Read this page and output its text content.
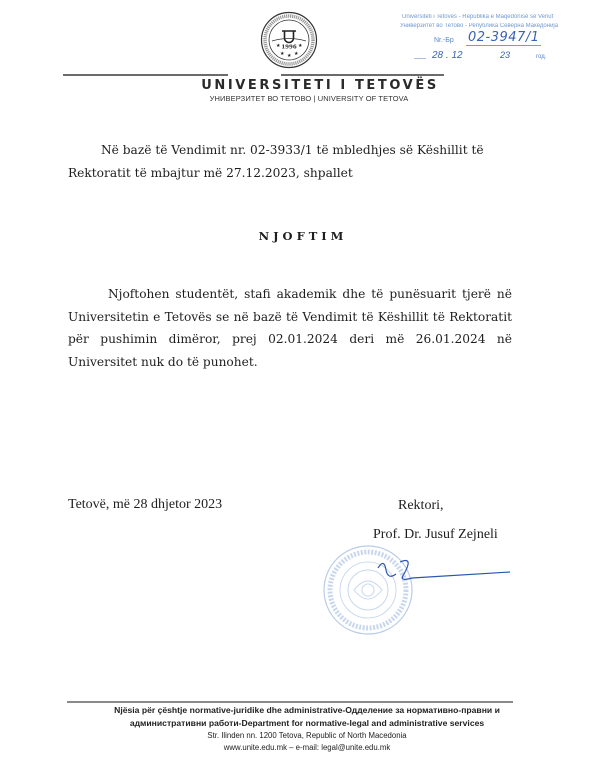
1996
★	★
★ ★ ★
UNIVERSITETI I TETOVËS
УНИВЕРЗИТЕТ ВО ТЕТОВО | UNIVERSITY OF TETOVA
Universiteti i Tetovës - Republika e Maqedonisë së Veriut
Универзитет во Тетово - Република Северна Македонија
Nr.-Бр 02-3947/1
28 . 12	23	год.
Në bazë të Vendimit nr. 02-3933/1 të mbledhjes së Këshillit të Rektoratit të mbajtur më 27.12.2023, shpallet
NJOFTIM
Njoftohen studentët, stafi akademik dhe të punësuarit tjerë në Universitetin e Tetovës se në bazë të Vendimit të Këshillit të Rektoratit për pushimin dimëror, prej 02.01.2024 deri më 26.01.2024 në Universitet nuk do të punohet.
Tetovë, më 28 dhjetor 2023	Rektori,
Prof. Dr. Jusuf Zejneli
Njësia për çështje normative-juridike dhe administrative-Одделение за нормативно-правни и
административни работи-Department for normative-legal and administrative services
Str. Ilinden nn. 1200 Tetova, Republic of North Macedonia
www.unite.edu.mk – e-mail: legal@unite.edu.mk
